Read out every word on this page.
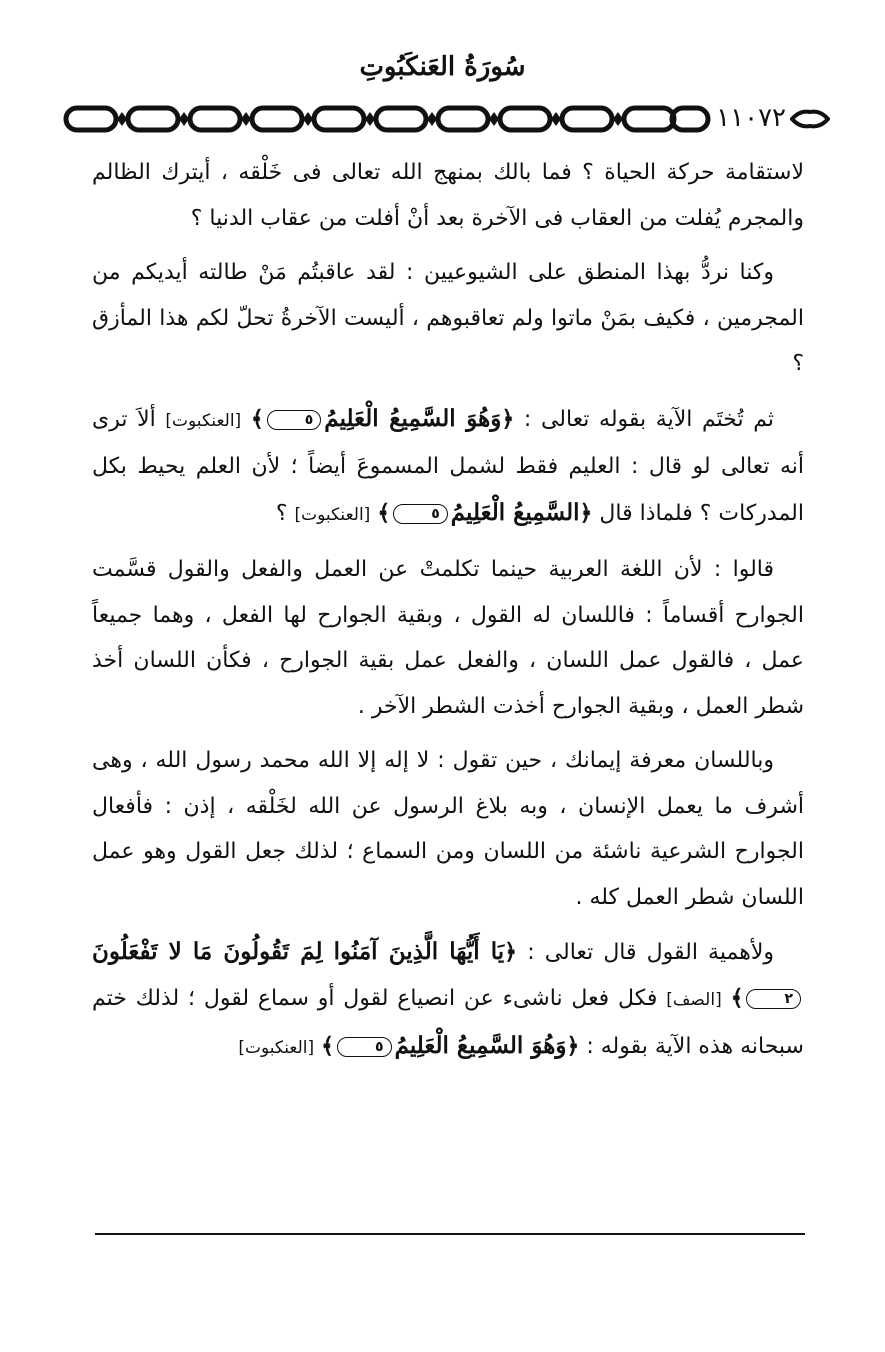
سُورَةُ العَنكَبُوتِ
١١٠٧٢

لاستقامة حركة الحياة ؟ فما بالك بمنهج الله تعالى فى خَلْقه ، أيترك الظالم والمجرم يُفلت من العقاب فى الآخرة بعد أنْ أفلت من عقاب الدنيا ؟

وكنا نردُّ بهذا المنطق على الشيوعيين : لقد عاقبتُم مَنْ طالته أيديكم من المجرمين ، فكيف بمَنْ ماتوا ولم تعاقبوهم ، أليست الآخرةُ تحلّ لكم هذا المأزق ؟

ثم تُختَم الآية بقوله تعالى : ﴿وَهُوَ السَّمِيعُ الْعَلِيمُ٥﴾ [العنكبوت] ألاَ ترى أنه تعالى لو قال : العليم فقط لشمل المسموعَ أيضاً ؛ لأن العلم يحيط بكل المدركات ؟ فلماذا قال ﴿السَّمِيعُ الْعَلِيمُ٥﴾ [العنكبوت] ؟

قالوا : لأن اللغة العربية حينما تكلمتْ عن العمل والفعل والقول قسَّمت الجوارح أقساماً : فاللسان له القول ، وبقية الجوارح لها الفعل ، وهما جميعاً عمل ، فالقول عمل اللسان ، والفعل عمل بقية الجوارح ، فكأن اللسان أخذ شطر العمل ، وبقية الجوارح أخذت الشطر الآخر .

وباللسان معرفة إيمانك ، حين تقول : لا إله إلا الله محمد رسول الله ، وهى أشرف ما يعمل الإنسان ، وبه بلاغ الرسول عن الله لخَلْقه ، إذن : فأفعال الجوارح الشرعية ناشئة من اللسان ومن السماع ؛ لذلك جعل القول وهو عمل اللسان شطر العمل كله .

ولأهمية القول قال تعالى : ﴿يَا أَيُّهَا الَّذِينَ آمَنُوا لِمَ تَقُولُونَ مَا لا تَفْعَلُونَ٢﴾ [الصف] فكل فعل ناشىء عن انصياع لقول أو سماع لقول ؛ لذلك ختم سبحانه هذه الآية بقوله : ﴿وَهُوَ السَّمِيعُ الْعَلِيمُ٥﴾ [العنكبوت]
